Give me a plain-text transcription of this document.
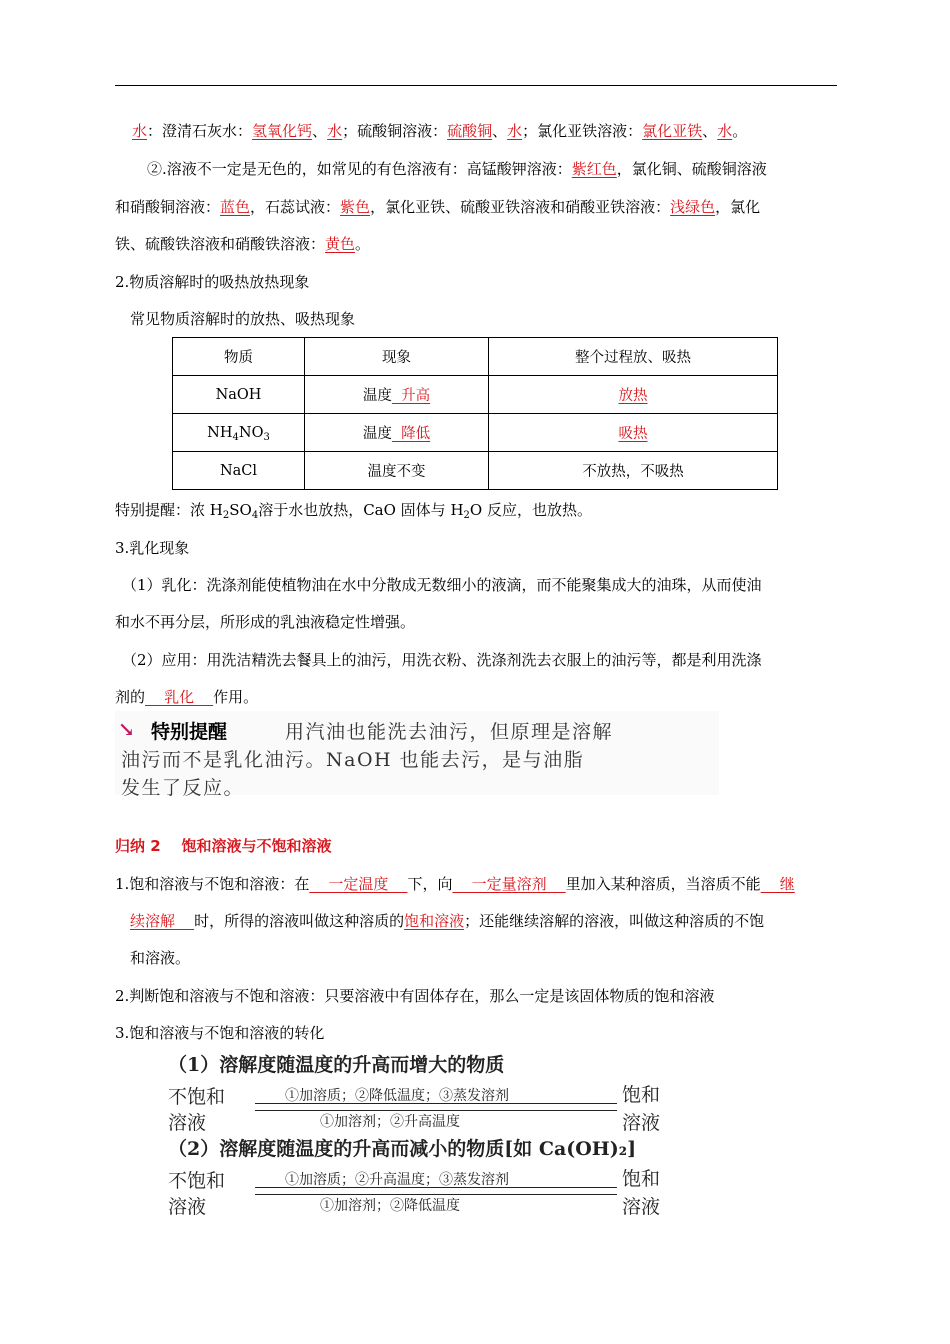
水：澄清石灰水：氢氧化钙、水；硫酸铜溶液：硫酸铜、水；氯化亚铁溶液：氯化亚铁、水。
②.溶液不一定是无色的，如常见的有色溶液有：高锰酸钾溶液：紫红色，氯化铜、硫酸铜溶液
和硝酸铜溶液：蓝色，石蕊试液：紫色，氯化亚铁、硫酸亚铁溶液和硝酸亚铁溶液：浅绿色，氯化
铁、硫酸铁溶液和硝酸铁溶液：黄色。
2.物质溶解时的吸热放热现象
常见物质溶解时的放热、吸热现象
物质	现象	整个过程放、吸热
NaOH	温度  升高	放热
$NH_4NO_3$	温度  降低	吸热
NaCl	温度不变	不放热，不吸热
特别提醒：浓 $H_2SO_4$溶于水也放热，CaO 固体与 $H_2O$ 反应，也放热。
3.乳化现象
（1）乳化：洗涤剂能使植物油在水中分散成无数细小的液滴，而不能聚集成大的油珠，从而使油
和水不再分层，所形成的乳浊液稳定性增强。
（2）应用：用洗洁精洗去餐具上的油污，用洗衣粉、洗涤剂洗去衣服上的油污等，都是利用洗涤
剂的    乳化    作用。
↘ 特别提醒	用汽油也能洗去油污，但原理是溶解
油污而不是乳化油污。NaOH 也能去污，是与油脂
发生了反应。
归纳 2    饱和溶液与不饱和溶液
1.饱和溶液与不饱和溶液：在    一定温度    下，向    一定量溶剂    里加入某种溶质，当溶质不能    继
续溶解    时，所得的溶液叫做这种溶质的饱和溶液；还能继续溶解的溶液，叫做这种溶质的不饱
和溶液。
2.判断饱和溶液与不饱和溶液：只要溶液中有固体存在，那么一定是该固体物质的饱和溶液
3.饱和溶液与不饱和溶液的转化
（1）溶解度随温度的升高而增大的物质
不饱和
溶液
①加溶质；②降低温度；③蒸发溶剂
①加溶剂；②升高温度
饱和
溶液
（2）溶解度随温度的升高而减小的物质[如 Ca(OH)₂]
不饱和
溶液
①加溶质；②升高温度；③蒸发溶剂
①加溶剂；②降低温度
饱和
溶液
